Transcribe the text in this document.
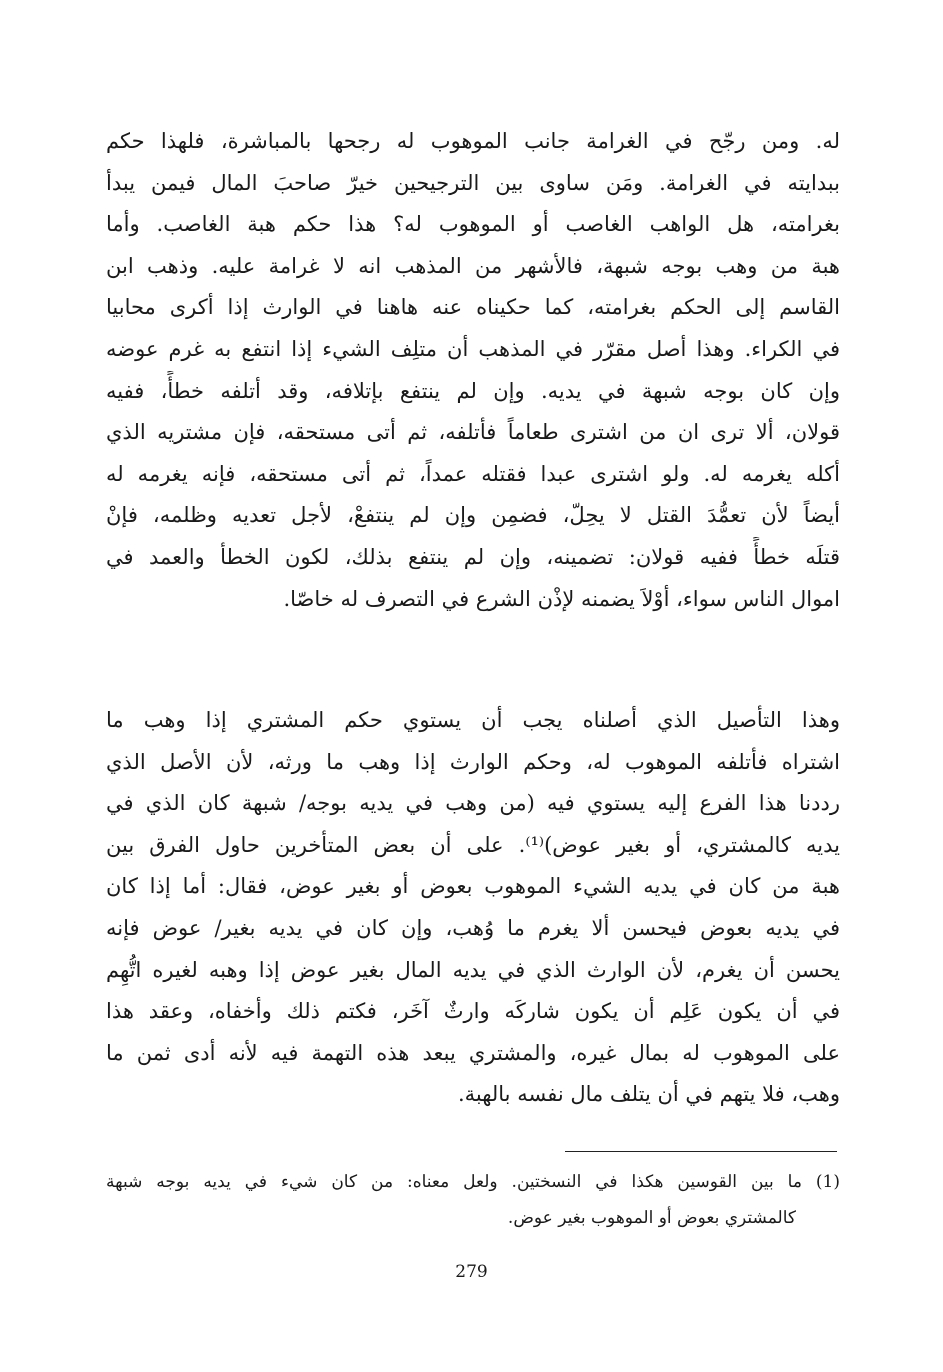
له. ومن رجّح في الغرامة جانب الموهوب له رجحها بالمباشرة، فلهذا حكم
ببدايته في الغرامة. ومَن ساوى بين الترجيحين خيرّ صاحبَ المال فيمن يبدأ
بغرامته، هل الواهب الغاصب أو الموهوب له؟ هذا حكم هبة الغاصب. وأما
هبة من وهب بوجه شبهة، فالأشهر من المذهب انه لا غرامة عليه. وذهب ابن
القاسم إلى الحكم بغرامته، كما حكيناه عنه هاهنا في الوارث إذا أكرى محابيا
في الكراء. وهذا أصل مقرّر في المذهب أن متلِف الشيء إذا انتفع به غرم عوضه
وإن كان بوجه شبهة في يديه. وإن لم ينتفع بإتلافه، وقد أتلفه خطأً، ففيه
قولان، ألا ترى ان من اشترى طعاماً فأتلفه، ثم أتى مستحقه، فإن مشتريه الذي
أكله يغرمه له. ولو اشترى عبدا فقتله عمداً، ثم أتى مستحقه، فإنه يغرمه له
أيضاً لأن تعمُّدَ القتل لا يحِلّ، فضمِن وإن لم ينتفعْ، لأجل تعديه وظلمه، فإنْ
قتلَه خطأً ففيه قولان: تضمينه، وإن لم ينتفع بذلك، لكون الخطأ والعمد في
اموال الناس سواء، أوْلاَ يضمنه لإذْن الشرع في التصرف له خاصّا.
وهذا التأصيل الذي أصلناه يجب أن يستوي حكم المشتري إذا وهب ما
اشتراه فأتلفه الموهوب له، وحكم الوارث إذا وهب ما ورثه، لأن الأصل الذي
رددنا هذا الفرع إليه يستوي فيه (من وهب في يديه بوجه/ شبهة كان الذي في
يديه كالمشتري، أو بغير عوض)⁽¹⁾. على أن بعض المتأخرين حاول الفرق بين
هبة من كان في يديه الشيء الموهوب بعوض أو بغير عوض، فقال: أما إذا كان
في يديه بعوض فيحسن ألا يغرم ما وُهب، وإن كان في يديه بغير/ عوض فإنه
يحسن أن يغرم، لأن الوارث الذي في يديه المال بغير عوض إذا وهبه لغيره اتُّهِم
في أن يكون عَلِم أن يكون شاركَه وارثٌ آخَر، فكتم ذلك وأخفاه، وعقد هذا
على الموهوب له بمال غيره، والمشتري يبعد هذه التهمة فيه لأنه أدى ثمن ما
وهب، فلا يتهم في أن يتلف مال نفسه بالهبة.
(1) ما بين القوسين هكذا في النسختين. ولعل معناه: من كان شيء في يديه بوجه شبهة
كالمشتري بعوض أو الموهوب بغير عوض.
279
